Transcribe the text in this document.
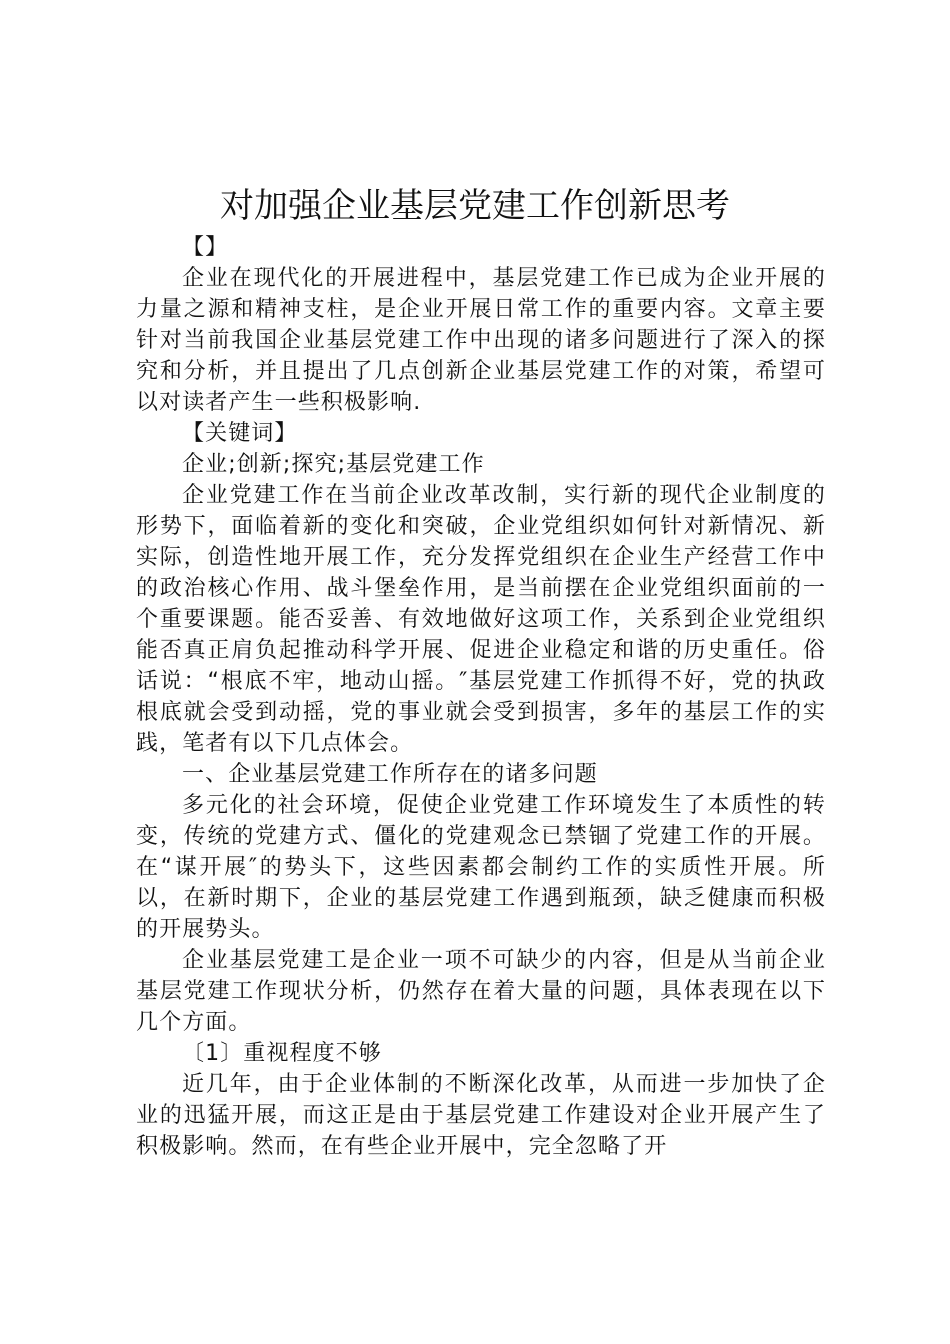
对加强企业基层党建工作创新思考

【】

企业在现代化的开展进程中，基层党建工作已成为企业开展的力量之源和精神支柱，是企业开展日常工作的重要内容。文章主要针对当前我国企业基层党建工作中出现的诸多问题进行了深入的探究和分析，并且提出了几点创新企业基层党建工作的对策，希望可以对读者产生一些积极影响.

【关键词】

企业;创新;探究;基层党建工作

企业党建工作在当前企业改革改制，实行新的现代企业制度的形势下，面临着新的变化和突破，企业党组织如何针对新情况、新实际，创造性地开展工作，充分发挥党组织在企业生产经营工作中的政治核心作用、战斗堡垒作用，是当前摆在企业党组织面前的一个重要课题。能否妥善、有效地做好这项工作，关系到企业党组织能否真正肩负起推动科学开展、促进企业稳定和谐的历史重任。俗话说：“根底不牢，地动山摇。″基层党建工作抓得不好，党的执政根底就会受到动摇，党的事业就会受到损害，多年的基层工作的实践，笔者有以下几点体会。

一、企业基层党建工作所存在的诸多问题

多元化的社会环境，促使企业党建工作环境发生了本质性的转变，传统的党建方式、僵化的党建观念已禁锢了党建工作的开展。在“谋开展″的势头下，这些因素都会制约工作的实质性开展。所以，在新时期下，企业的基层党建工作遇到瓶颈，缺乏健康而积极的开展势头。

企业基层党建工是企业一项不可缺少的内容，但是从当前企业基层党建工作现状分析，仍然存在着大量的问题，具体表现在以下几个方面。

〔1〕重视程度不够

近几年，由于企业体制的不断深化改革，从而进一步加快了企业的迅猛开展，而这正是由于基层党建工作建设对企业开展产生了积极影响。然而，在有些企业开展中，完全忽略了开
